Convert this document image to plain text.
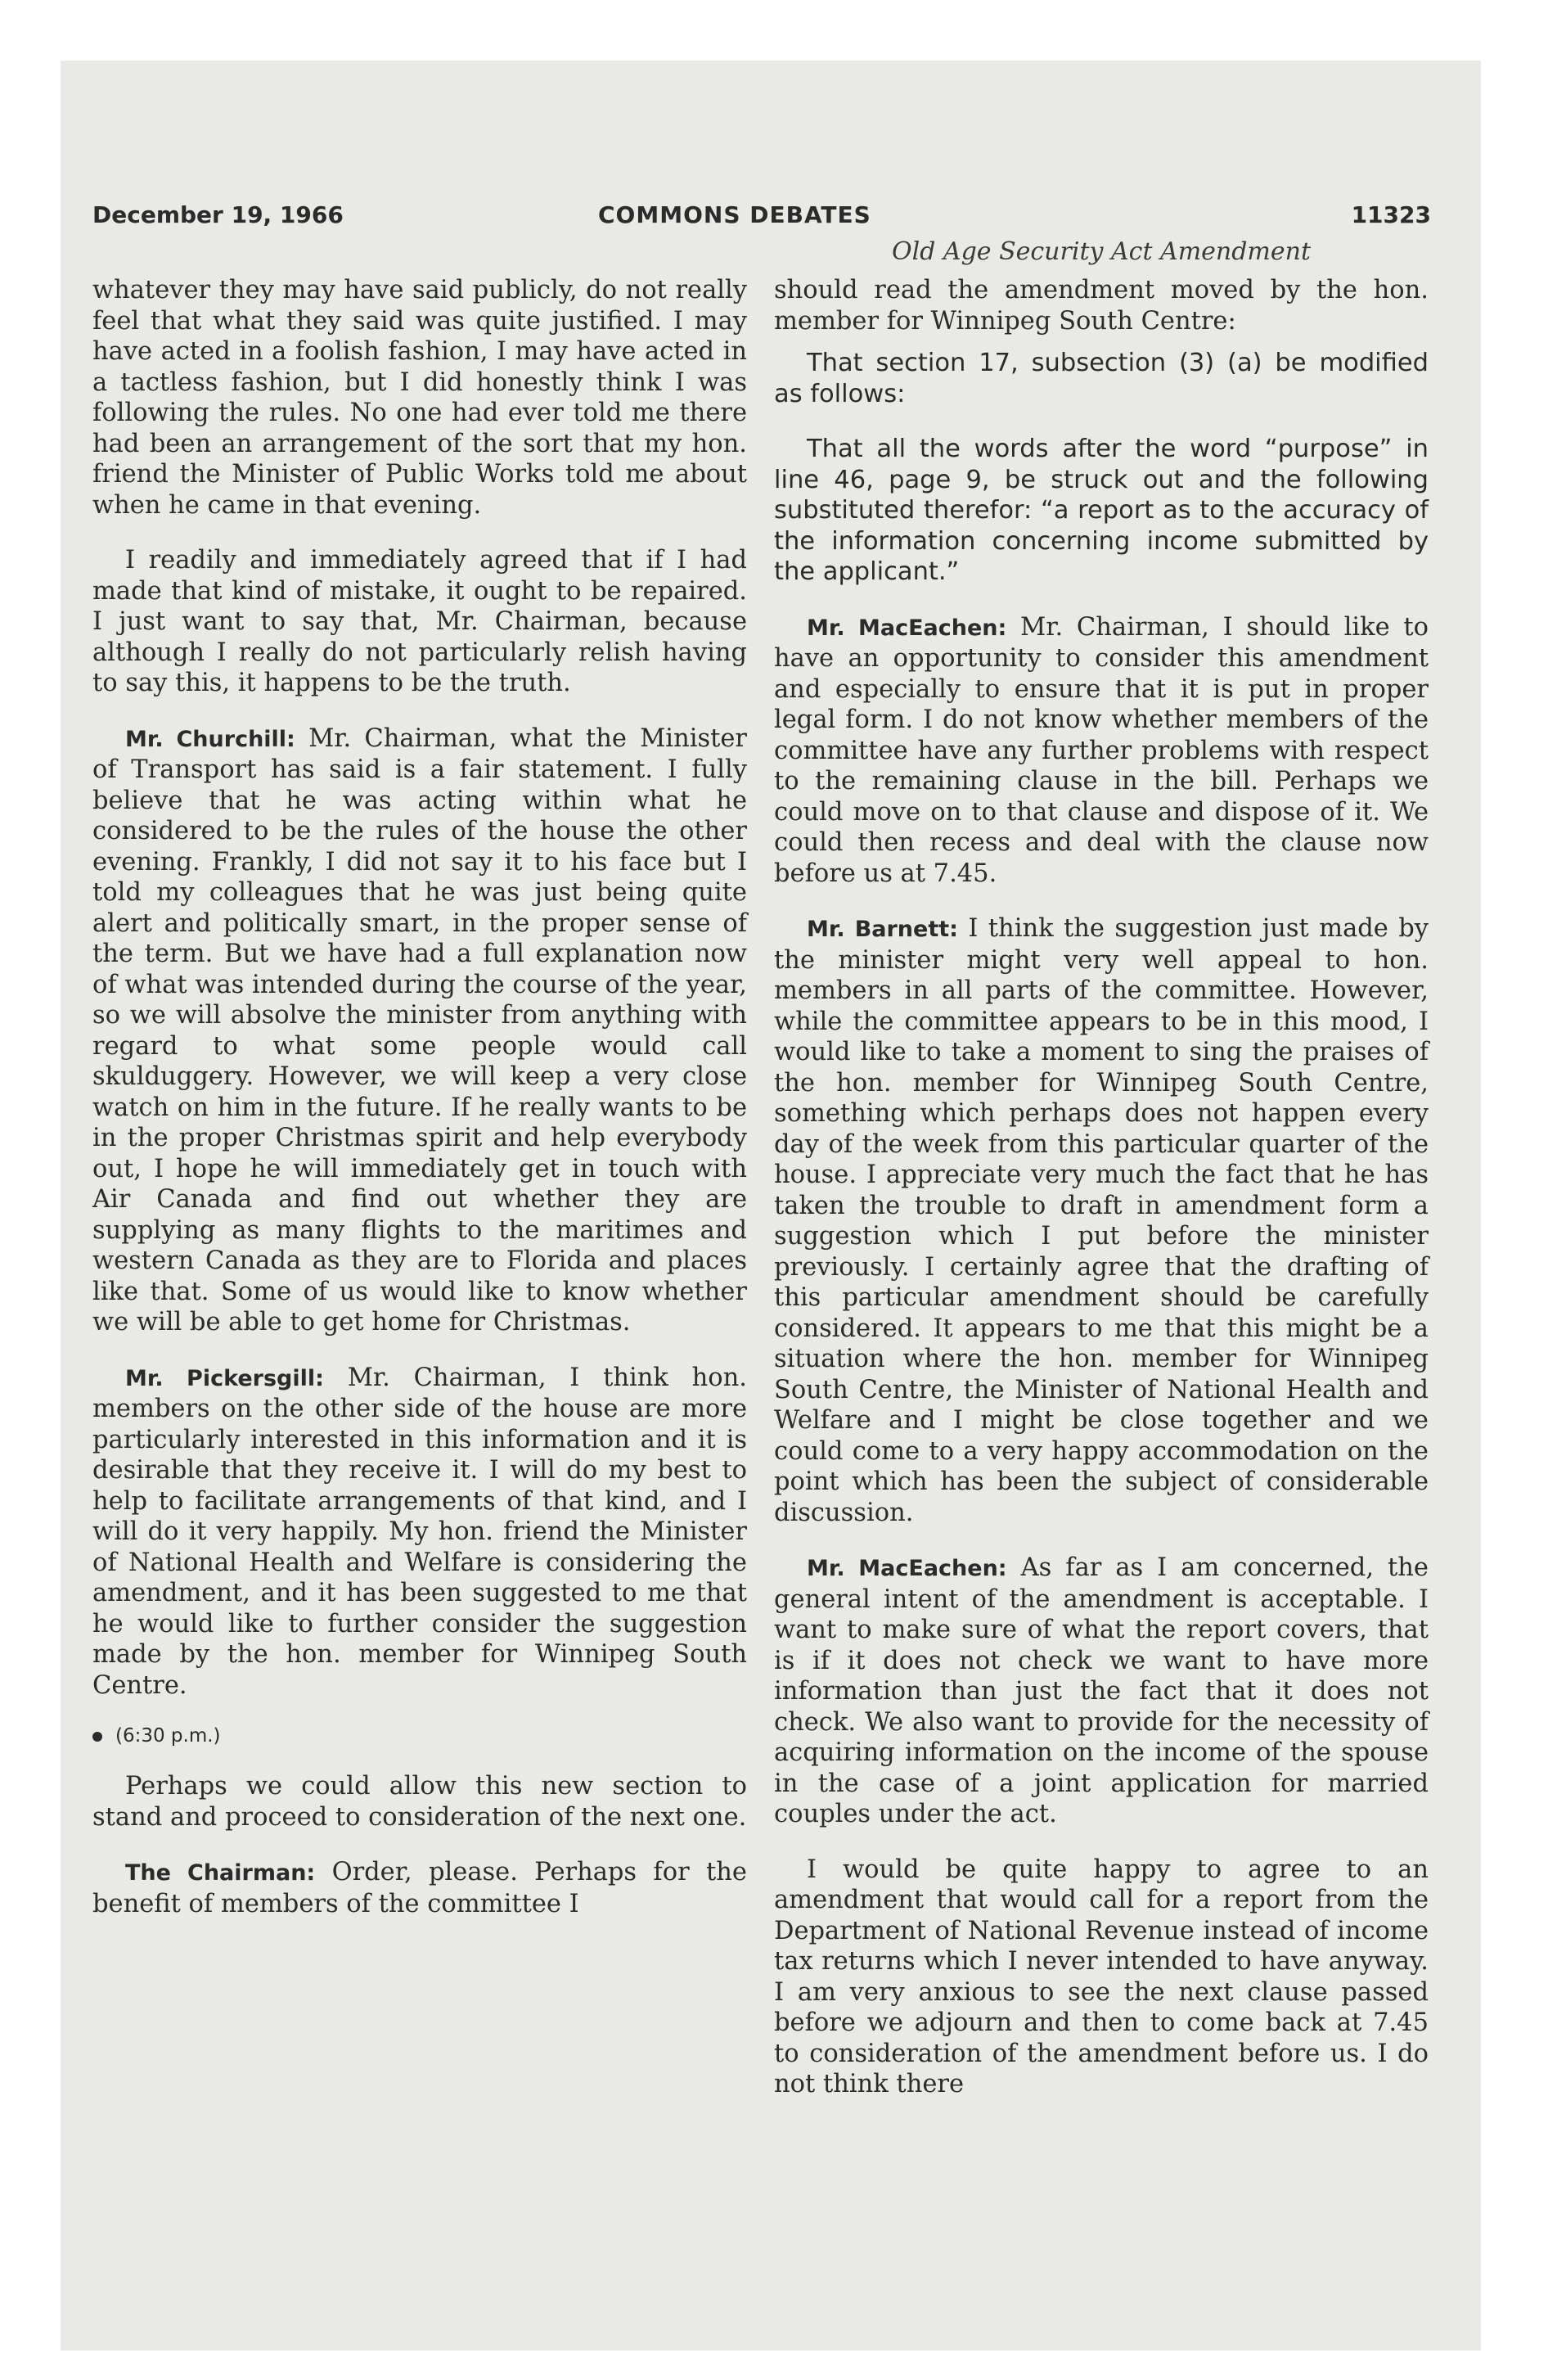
December 19, 1966	COMMONS DEBATES	11323
Old Age Security Act Amendment

whatever they may have said publicly, do not really feel that what they said was quite justified. I may have acted in a foolish fashion, I may have acted in a tactless fashion, but I did honestly think I was following the rules. No one had ever told me there had been an arrangement of the sort that my hon. friend the Minister of Public Works told me about when he came in that evening.

I readily and immediately agreed that if I had made that kind of mistake, it ought to be repaired. I just want to say that, Mr. Chairman, because although I really do not particularly relish having to say this, it happens to be the truth.

Mr. Churchill: Mr. Chairman, what the Minister of Transport has said is a fair statement. I fully believe that he was acting within what he considered to be the rules of the house the other evening. Frankly, I did not say it to his face but I told my colleagues that he was just being quite alert and politically smart, in the proper sense of the term. But we have had a full explanation now of what was intended during the course of the year, so we will absolve the minister from anything with regard to what some people would call skulduggery. However, we will keep a very close watch on him in the future. If he really wants to be in the proper Christmas spirit and help everybody out, I hope he will immediately get in touch with Air Canada and find out whether they are supplying as many flights to the maritimes and western Canada as they are to Florida and places like that. Some of us would like to know whether we will be able to get home for Christmas.

Mr. Pickersgill: Mr. Chairman, I think hon. members on the other side of the house are more particularly interested in this information and it is desirable that they receive it. I will do my best to help to facilitate arrangements of that kind, and I will do it very happily. My hon. friend the Minister of National Health and Welfare is considering the amendment, and it has been suggested to me that he would like to further consider the suggestion made by the hon. member for Winnipeg South Centre.

(6:30 p.m.)

Perhaps we could allow this new section to stand and proceed to consideration of the next one.

The Chairman: Order, please. Perhaps for the benefit of members of the committee I

should read the amendment moved by the hon. member for Winnipeg South Centre:

That section 17, subsection (3) (a) be modified as follows:

That all the words after the word “purpose” in line 46, page 9, be struck out and the following substituted therefor: “a report as to the accuracy of the information concerning income submitted by the applicant.”

Mr. MacEachen: Mr. Chairman, I should like to have an opportunity to consider this amendment and especially to ensure that it is put in proper legal form. I do not know whether members of the committee have any further problems with respect to the remaining clause in the bill. Perhaps we could move on to that clause and dispose of it. We could then recess and deal with the clause now before us at 7.45.

Mr. Barnett: I think the suggestion just made by the minister might very well appeal to hon. members in all parts of the committee. However, while the committee appears to be in this mood, I would like to take a moment to sing the praises of the hon. member for Winnipeg South Centre, something which perhaps does not happen every day of the week from this particular quarter of the house. I appreciate very much the fact that he has taken the trouble to draft in amendment form a suggestion which I put before the minister previously. I certainly agree that the drafting of this particular amendment should be carefully considered. It appears to me that this might be a situation where the hon. member for Winnipeg South Centre, the Minister of National Health and Welfare and I might be close together and we could come to a very happy accommodation on the point which has been the subject of considerable discussion.

Mr. MacEachen: As far as I am concerned, the general intent of the amendment is acceptable. I want to make sure of what the report covers, that is if it does not check we want to have more information than just the fact that it does not check. We also want to provide for the necessity of acquiring information on the income of the spouse in the case of a joint application for married couples under the act.

I would be quite happy to agree to an amendment that would call for a report from the Department of National Revenue instead of income tax returns which I never intended to have anyway. I am very anxious to see the next clause passed before we adjourn and then to come back at 7.45 to consideration of the amendment before us. I do not think there
